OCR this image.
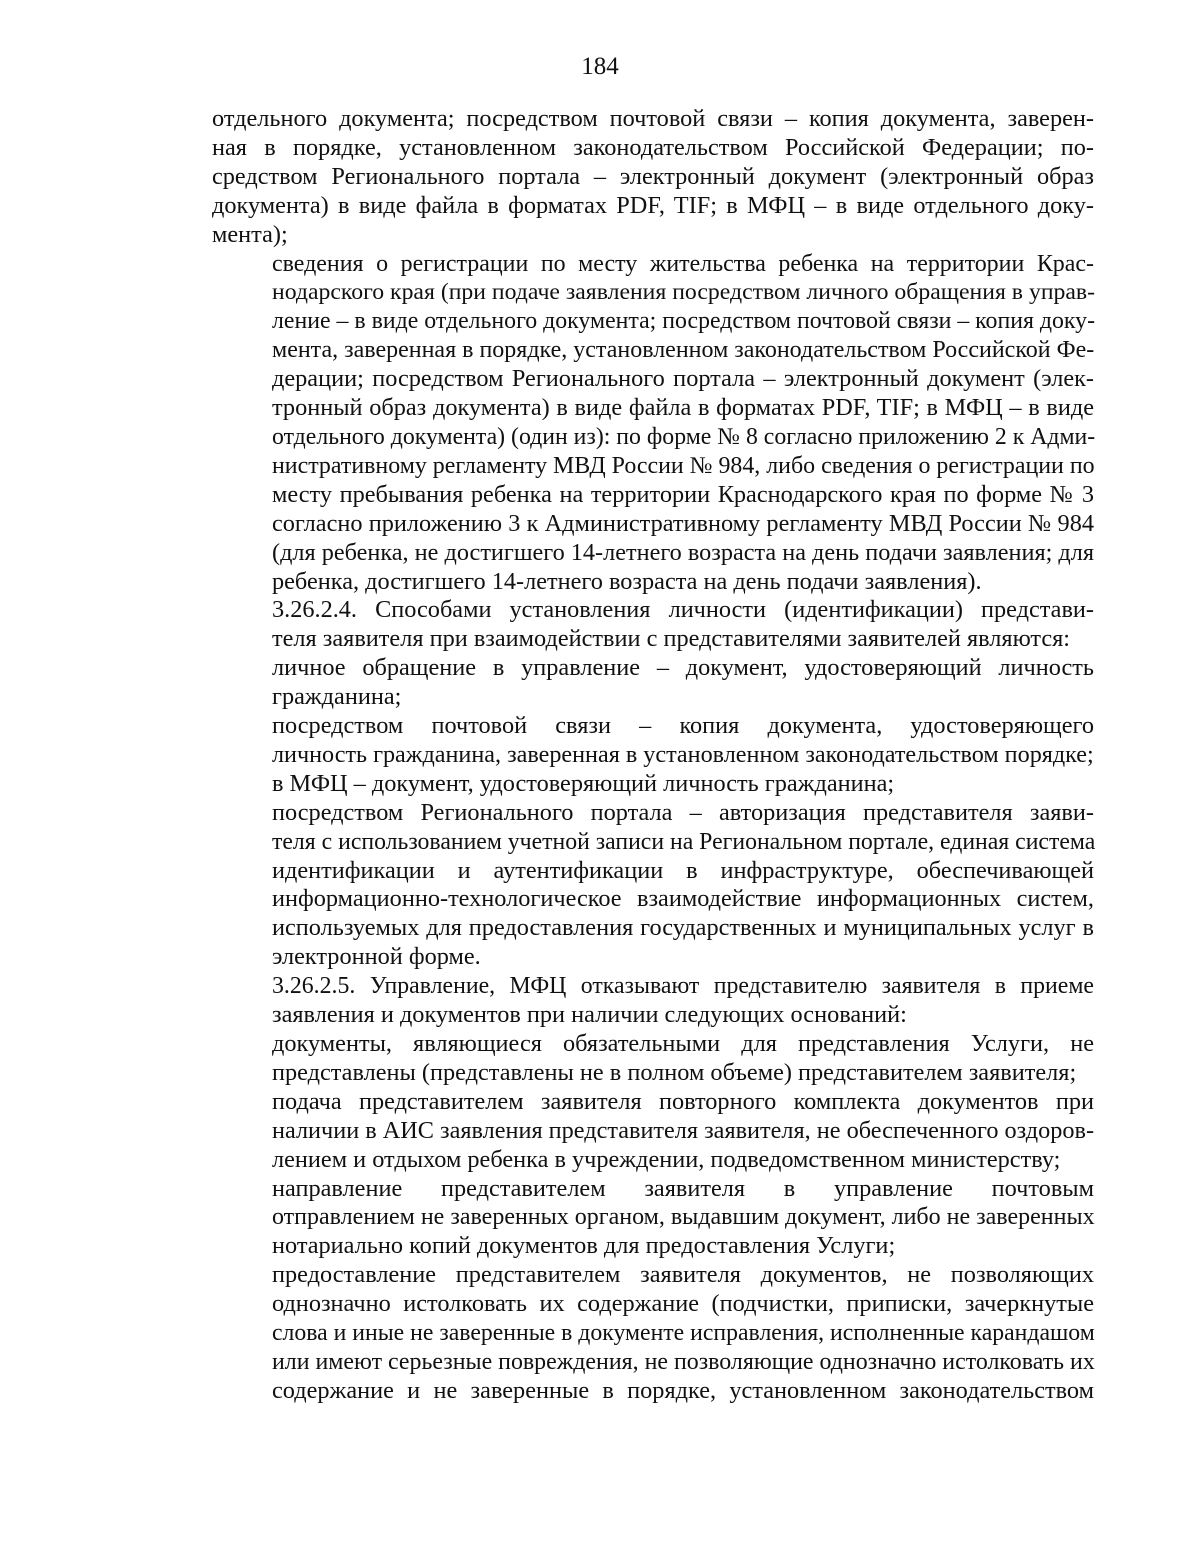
184
отдельного документа; посредством почтовой связи – копия документа, заверен-
ная в порядке, установленном законодательством Российской Федерации; по-
средством Регионального портала – электронный документ (электронный образ
документа) в виде файла в форматах PDF, TIF; в МФЦ – в виде отдельного доку-
мента);
сведения о регистрации по месту жительства ребенка на территории Крас-
нодарского края (при подаче заявления посредством личного обращения в управ-
ление – в виде отдельного документа; посредством почтовой связи – копия доку-
мента, заверенная в порядке, установленном законодательством Российской Фе-
дерации; посредством Регионального портала – электронный документ (элек-
тронный образ документа) в виде файла в форматах PDF, TIF; в МФЦ – в виде
отдельного документа) (один из): по форме № 8 согласно приложению 2 к Адми-
нистративному регламенту МВД России № 984, либо сведения о регистрации по
месту пребывания ребенка на территории Краснодарского края по форме № 3
согласно приложению 3 к Административному регламенту МВД России № 984
(для ребенка, не достигшего 14-летнего возраста на день подачи заявления; для
ребенка, достигшего 14-летнего возраста на день подачи заявления).
3.26.2.4. Способами установления личности (идентификации) представи-
теля заявителя при взаимодействии с представителями заявителей являются:
личное обращение в управление – документ, удостоверяющий личность
гражданина;
посредством почтовой связи – копия документа, удостоверяющего
личность гражданина, заверенная в установленном законодательством порядке;
в МФЦ – документ, удостоверяющий личность гражданина;
посредством Регионального портала – авторизация представителя заяви-
теля с использованием учетной записи на Региональном портале, единая система
идентификации и аутентификации в инфраструктуре, обеспечивающей
информационно-технологическое взаимодействие информационных систем,
используемых для предоставления государственных и муниципальных услуг в
электронной форме.
3.26.2.5. Управление, МФЦ отказывают представителю заявителя в приеме
заявления и документов при наличии следующих оснований:
документы, являющиеся обязательными для представления Услуги, не
представлены (представлены не в полном объеме) представителем заявителя;
подача представителем заявителя повторного комплекта документов при
наличии в АИС заявления представителя заявителя, не обеспеченного оздоров-
лением и отдыхом ребенка в учреждении, подведомственном министерству;
направление представителем заявителя в управление почтовым
отправлением не заверенных органом, выдавшим документ, либо не заверенных
нотариально копий документов для предоставления Услуги;
предоставление представителем заявителя документов, не позволяющих
однозначно истолковать их содержание (подчистки, приписки, зачеркнутые
слова и иные не заверенные в документе исправления, исполненные карандашом
или имеют серьезные повреждения, не позволяющие однозначно истолковать их
содержание и не заверенные в порядке, установленном законодательством
